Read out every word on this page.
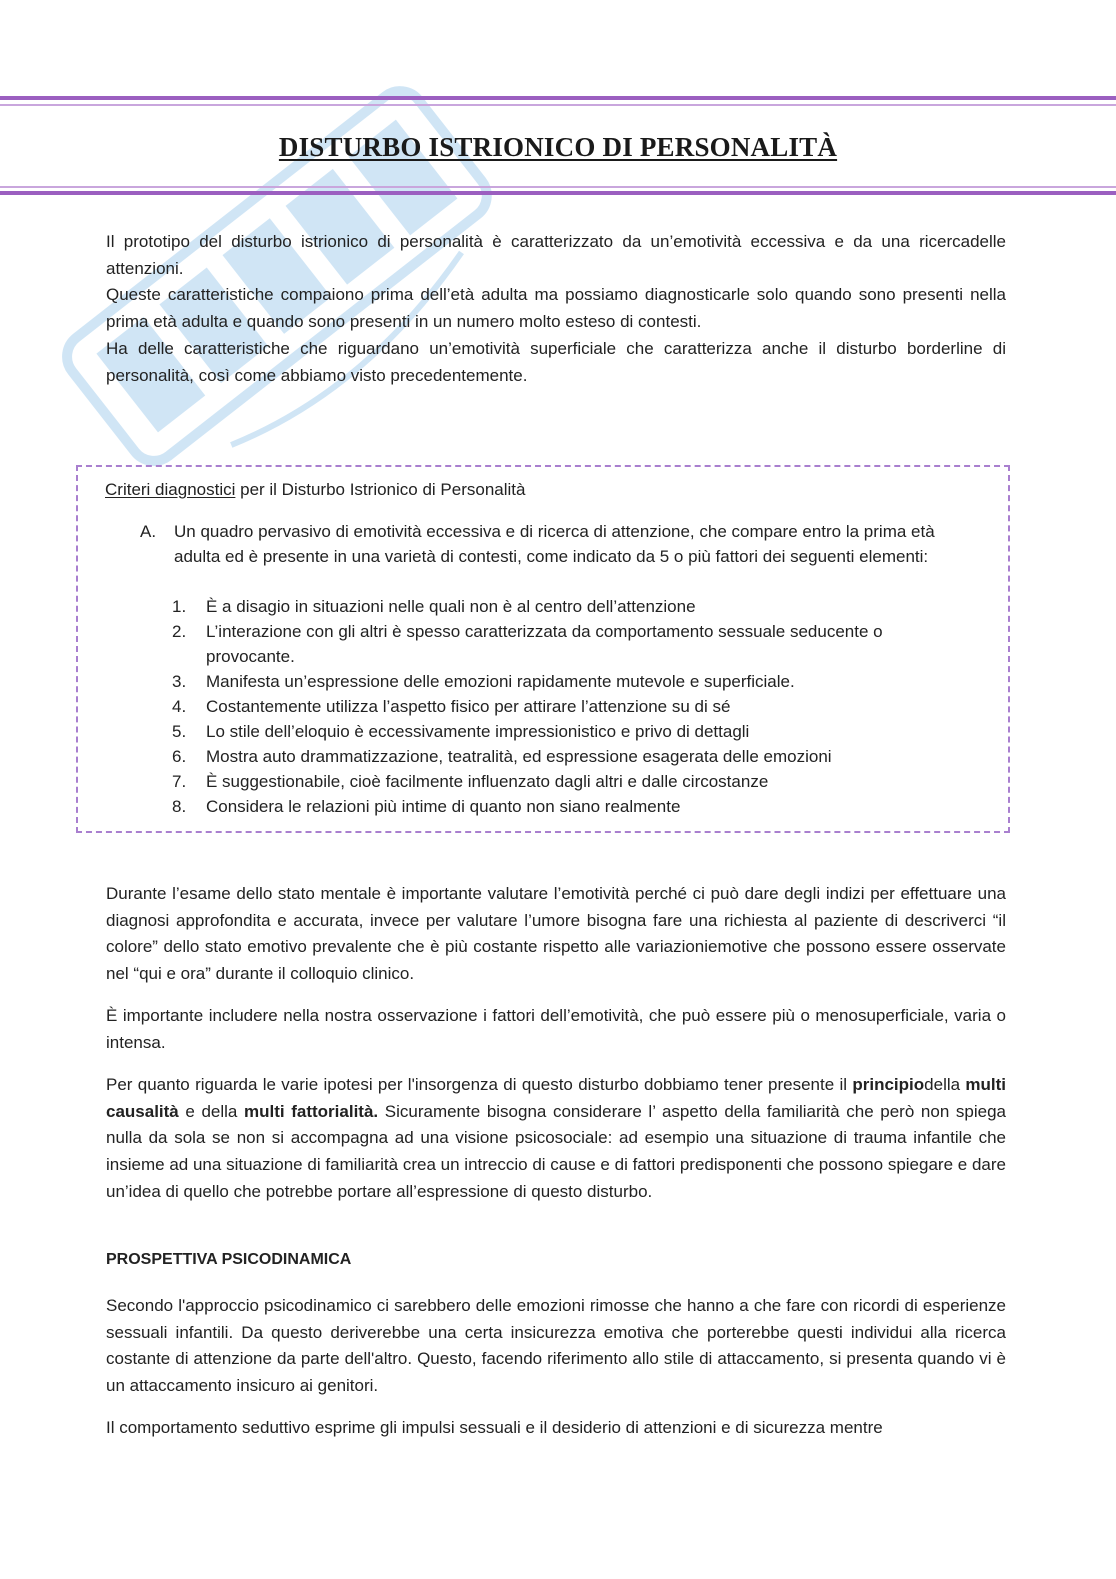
DISTURBO ISTRIONICO DI PERSONALITÀ

Il prototipo del disturbo istrionico di personalità è caratterizzato da un’emotività eccessiva e da una ricercadelle attenzioni.
Queste caratteristiche compaiono prima dell’età adulta ma possiamo diagnosticarle solo quando sono presenti nella prima età adulta e quando sono presenti in un numero molto esteso di contesti.
Ha delle caratteristiche che riguardano un’emotività superficiale che caratterizza anche il disturbo borderline di personalità, così come abbiamo visto precedentemente.

Criteri diagnostici per il Disturbo Istrionico di Personalità
A. Un quadro pervasivo di emotività eccessiva e di ricerca di attenzione, che compare entro la prima età adulta ed è presente in una varietà di contesti, come indicato da 5 o più fattori dei seguenti elementi:
1. È a disagio in situazioni nelle quali non è al centro dell’attenzione
2. L’interazione con gli altri è spesso caratterizzata da comportamento sessuale seducente o provocante.
3. Manifesta un’espressione delle emozioni rapidamente mutevole e superficiale.
4. Costantemente utilizza l’aspetto fisico per attirare l’attenzione su di sé
5. Lo stile dell’eloquio è eccessivamente impressionistico e privo di dettagli
6. Mostra auto drammatizzazione, teatralità, ed espressione esagerata delle emozioni
7. È suggestionabile, cioè facilmente influenzato dagli altri e dalle circostanze
8. Considera le relazioni più intime di quanto non siano realmente

Durante l’esame dello stato mentale è importante valutare l’emotività perché ci può dare degli indizi per effettuare una diagnosi approfondita e accurata, invece per valutare l’umore bisogna fare una richiesta al paziente di descriverci “il colore” dello stato emotivo prevalente che è più costante rispetto alle variazioniemotive che possono essere osservate nel “qui e ora” durante il colloquio clinico.

È importante includere nella nostra osservazione i fattori dell’emotività, che può essere più o menosuperficiale, varia o intensa.

Per quanto riguarda le varie ipotesi per l'insorgenza di questo disturbo dobbiamo tener presente il principiodella multi causalità e della multi fattorialità. Sicuramente bisogna considerare l’ aspetto della familiarità che però non spiega nulla da sola se non si accompagna ad una visione psicosociale: ad esempio una situazione di trauma infantile che insieme ad una situazione di familiarità crea un intreccio di cause e di fattori predisponenti che possono spiegare e dare un’idea di quello che potrebbe portare all’espressione di questo disturbo.

PROSPETTIVA PSICODINAMICA

Secondo l'approccio psicodinamico ci sarebbero delle emozioni rimosse che hanno a che fare con ricordi di esperienze sessuali infantili. Da questo deriverebbe una certa insicurezza emotiva che porterebbe questi individui alla ricerca costante di attenzione da parte dell'altro. Questo, facendo riferimento allo stile di attaccamento, si presenta quando vi è un attaccamento insicuro ai genitori.

Il comportamento seduttivo esprime gli impulsi sessuali e il desiderio di attenzioni e di sicurezza mentre
